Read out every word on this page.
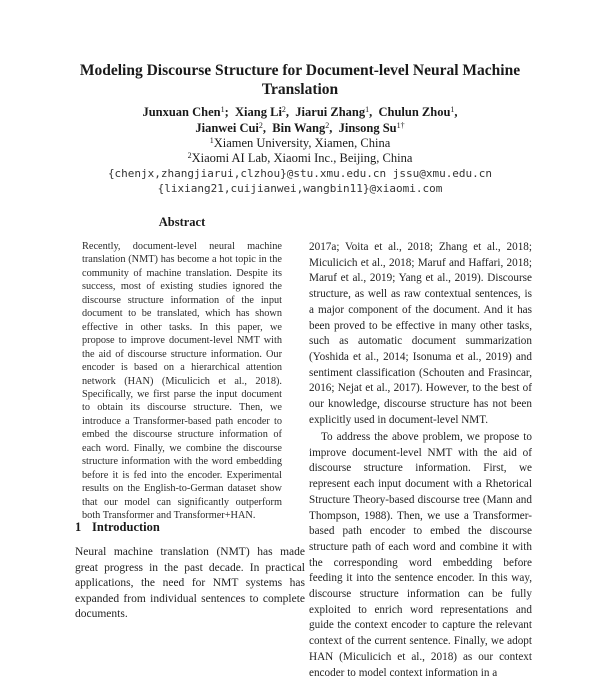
Modeling Discourse Structure for Document-level Neural Machine Translation
Junxuan Chen$^1$;  Xiang Li$^2$,  Jiarui Zhang$^1$,  Chulun Zhou$^1$,
Jianwei Cui$^2$,  Bin Wang$^2$,  Jinsong $Su^{1\dagger}$
$^1$Xiamen University, Xiamen, China
$^2$Xiaomi AI Lab, Xiaomi Inc., Beijing, China
{chenjx,zhangjiarui,clzhou}@stu.xmu.edu.cn jssu@xmu.edu.cn
{lixiang21,cuijianwei,wangbin11}@xiaomi.com
Abstract

Recently, document-level neural machine translation (NMT) has become a hot topic in the community of machine translation. Despite its success, most of existing studies ignored the discourse structure information of the input document to be translated, which has shown effective in other tasks. In this paper, we propose to improve document-level NMT with the aid of discourse structure information. Our encoder is based on a hierarchical attention network (HAN) (Miculicich et al., 2018). Specifically, we first parse the input document to obtain its discourse structure. Then, we introduce a Transformer-based path encoder to embed the discourse structure information of each word. Finally, we combine the discourse structure information with the word embedding before it is fed into the encoder. Experimental results on the English-to-German dataset show that our model can significantly outperform both Transformer and Transformer+HAN.

1 Introduction

Neural machine translation (NMT) has made great progress in the past decade. In practical applications, the need for NMT systems has expanded from individual sentences to complete documents.

2017a; Voita et al., 2018; Zhang et al., 2018; Miculicich et al., 2018; Maruf and Haffari, 2018; Maruf et al., 2019; Yang et al., 2019). Discourse structure, as well as raw contextual sentences, is a major component of the document. And it has been proved to be effective in many other tasks, such as automatic document summarization (Yoshida et al., 2014; Isonuma et al., 2019) and sentiment classification (Schouten and Frasincar, 2016; Nejat et al., 2017). However, to the best of our knowledge, discourse structure has not been explicitly used in document-level NMT.

To address the above problem, we propose to improve document-level NMT with the aid of discourse structure information. First, we represent each input document with a Rhetorical Structure Theory-based discourse tree (Mann and Thompson, 1988). Then, we use a Transformer-based path encoder to embed the discourse structure path of each word and combine it with the corresponding word embedding before feeding it into the sentence encoder. In this way, discourse structure information can be fully exploited to enrich word representations and guide the context encoder to capture the relevant context of the current sentence. Finally, we adopt HAN (Miculicich et al., 2018) as our context encoder to model context information in a
